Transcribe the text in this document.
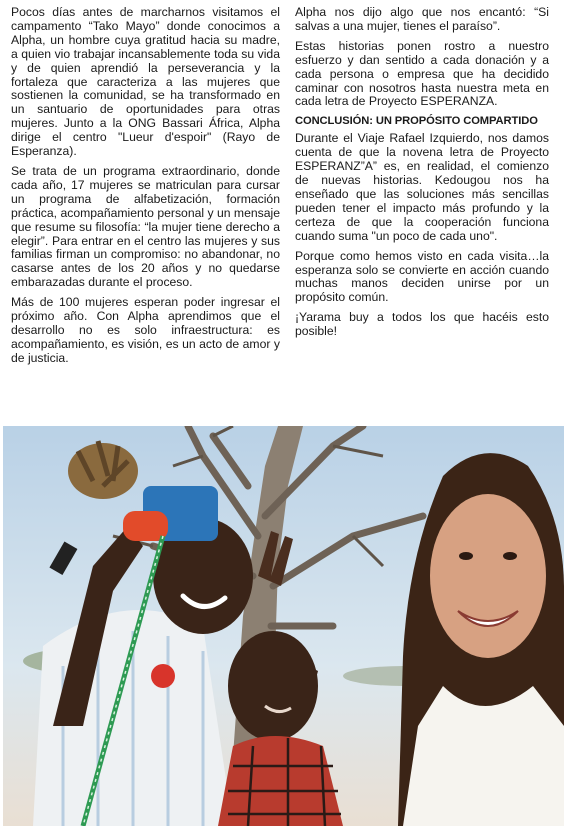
Pocos días antes de marcharnos visitamos el campamento “Tako Mayo” donde conocimos a Alpha, un hombre cuya gratitud hacia su madre, a quien vio trabajar incansablemente toda su vida y de quien aprendió la perseverancia y la fortaleza que caracteriza a las mujeres que sostienen la comunidad, se ha transformado en un santuario de oportunidades para otras mujeres. Junto a la ONG Bassari África, Alpha dirige el centro "Lueur d'espoir" (Rayo de Esperanza).

Se trata de un programa extraordinario, donde cada año, 17 mujeres se matriculan para cursar un programa de alfabetización, formación práctica, acompañamiento personal y un mensaje que resume su filosofía: “la mujer tiene derecho a elegir”. Para entrar en el centro las mujeres y sus familias firman un compromiso: no abandonar, no casarse antes de los 20 años y no quedarse embarazadas durante el proceso.

Más de 100 mujeres esperan poder ingresar el próximo año. Con Alpha aprendimos que el desarrollo no es solo infraestructura: es acompañamiento, es visión, es un acto de amor y de justicia.

Alpha nos dijo algo que nos encantó: “Si salvas a una mujer, tienes el paraíso”.

Estas historias ponen rostro a nuestro esfuerzo y dan sentido a cada donación y a cada persona o empresa que ha decidido caminar con nosotros hasta nuestra meta en cada letra de Proyecto ESPERANZA.

CONCLUSIÓN: UN PROPÓSITO COMPARTIDO

Durante el Viaje Rafael Izquierdo, nos damos cuenta de que la novena letra de Proyecto ESPERANZ”A” es, en realidad, el comienzo de nuevas historias. Kedougou nos ha enseñado que las soluciones más sencillas pueden tener el impacto más profundo y la certeza de que la cooperación funciona cuando suma "un poco de cada uno".

Porque como hemos visto en cada visita…la esperanza solo se convierte en acción cuando muchas manos deciden unirse por un propósito común.

¡Yarama buy a todos los que hacéis esto posible!
